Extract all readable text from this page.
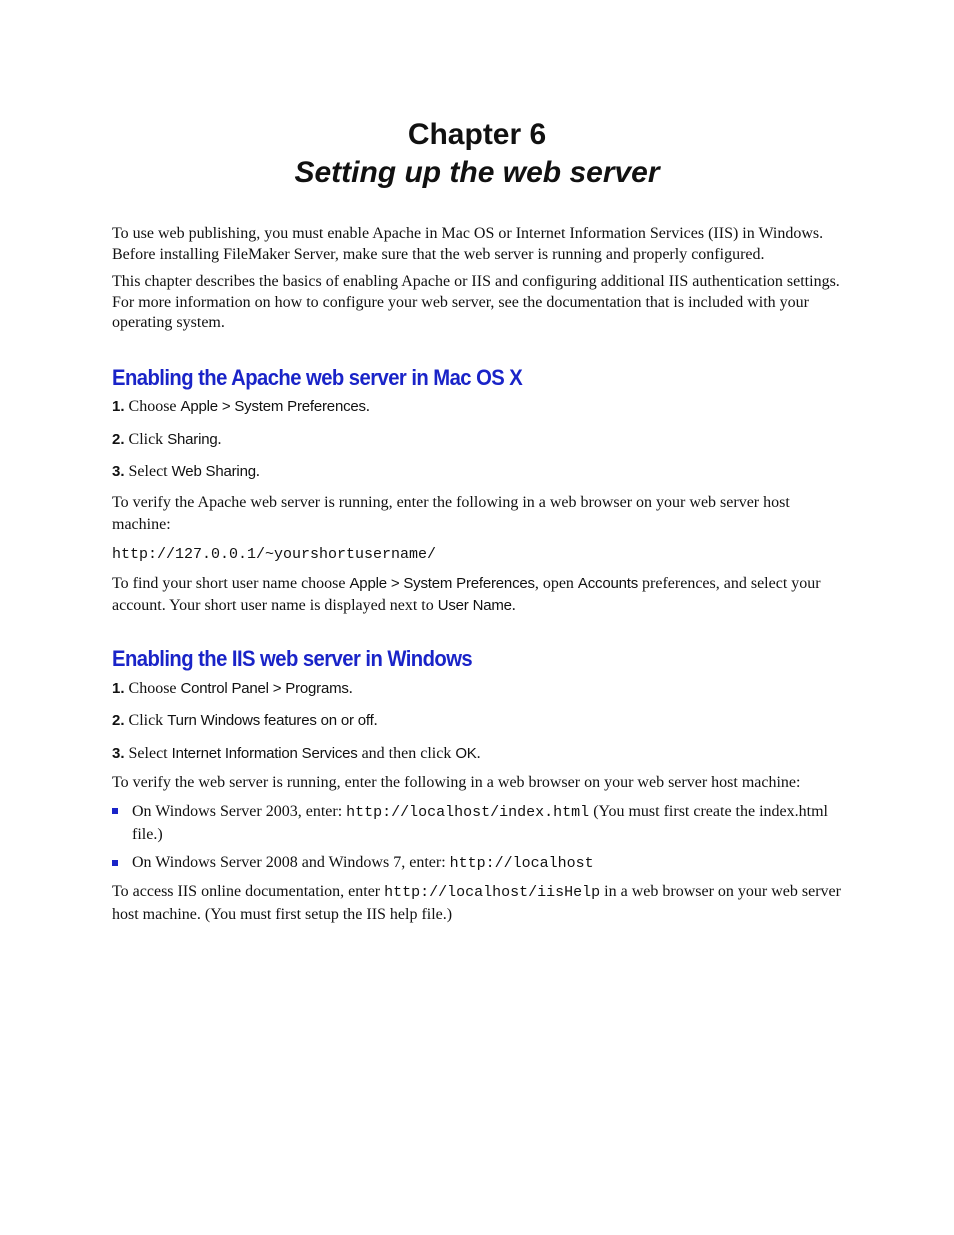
Chapter 6
Setting up the web server

To use web publishing, you must enable Apache in Mac OS or Internet Information Services (IIS) in Windows. Before installing FileMaker Server, make sure that the web server is running and properly configured.

This chapter describes the basics of enabling Apache or IIS and configuring additional IIS authentication settings. For more information on how to configure your web server, see the documentation that is included with your operating system.

Enabling the Apache web server in Mac OS X

1. Choose Apple > System Preferences.

2. Click Sharing.

3. Select Web Sharing.

To verify the Apache web server is running, enter the following in a web browser on your web server host machine:

http://127.0.0.1/~yourshortusername/

To find your short user name choose Apple > System Preferences, open Accounts preferences, and select your account. Your short user name is displayed next to User Name.

Enabling the IIS web server in Windows

1. Choose Control Panel > Programs.

2. Click Turn Windows features on or off.

3. Select Internet Information Services and then click OK.

To verify the web server is running, enter the following in a web browser on your web server host machine:

On Windows Server 2003, enter: http://localhost/index.html (You must first create the index.html file.)
On Windows Server 2008 and Windows 7, enter: http://localhost

To access IIS online documentation, enter http://localhost/iisHelp in a web browser on your web server host machine. (You must first setup the IIS help file.)
